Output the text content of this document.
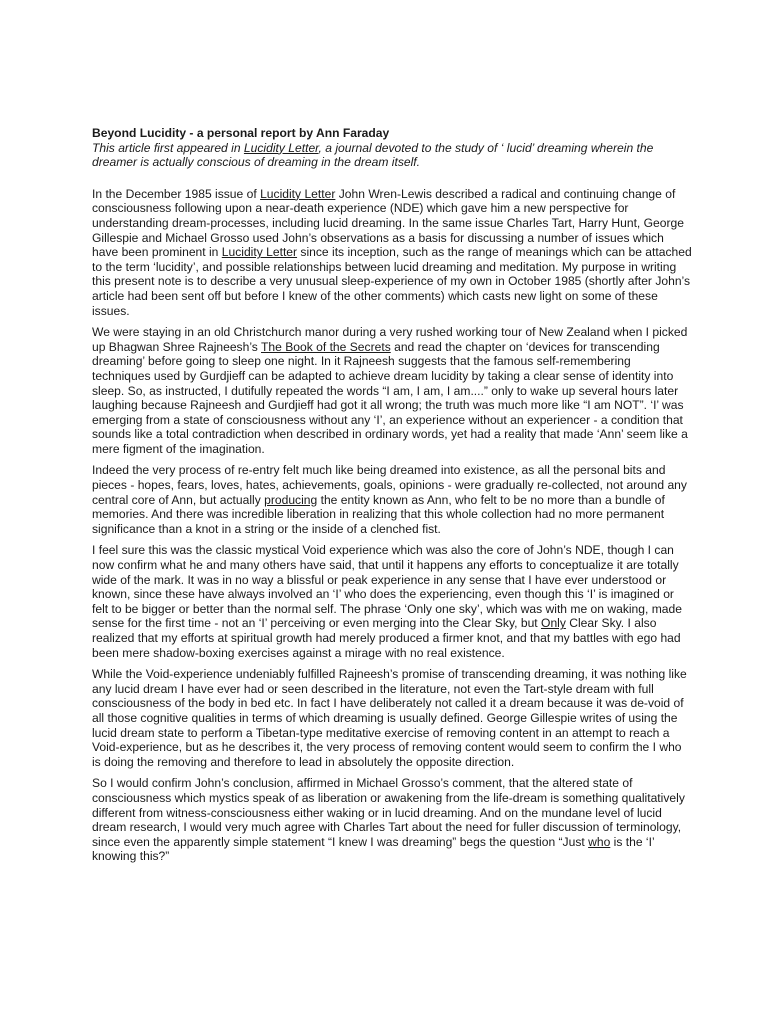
Beyond Lucidity - a personal report by Ann Faraday
This article first appeared in Lucidity Letter, a journal devoted to the study of ‘ lucid’ dreaming wherein the dreamer is actually conscious of dreaming in the dream itself.

In the December 1985 issue of Lucidity Letter John Wren-Lewis described a radical and continuing change of consciousness following upon a near-death experience (NDE) which gave him a new perspective for understanding dream-processes, including lucid dreaming. In the same issue Charles Tart, Harry Hunt, George Gillespie and Michael Grosso used John’s observations as a basis for discussing a number of issues which have been prominent in Lucidity Letter since its inception, such as the range of meanings which can be attached to the term ‘lucidity’, and possible relationships between lucid dreaming and meditation. My purpose in writing this present note is to describe a very unusual sleep-experience of my own in October 1985 (shortly after John’s article had been sent off but before I knew of the other comments) which casts new light on some of these issues.

We were staying in an old Christchurch manor during a very rushed working tour of New Zealand when I picked up Bhagwan Shree Rajneesh’s The Book of the Secrets and read the chapter on ‘devices for transcending dreaming’ before going to sleep one night. In it Rajneesh suggests that the famous self-remembering techniques used by Gurdjieff can be adapted to achieve dream lucidity by taking a clear sense of identity into sleep. So, as instructed, I dutifully repeated the words “I am, I am, I am....” only to wake up several hours later laughing because Rajneesh and Gurdjieff had got it all wrong; the truth was much more like “I am NOT”. ‘I’ was emerging from a state of consciousness without any ‘I’, an experience without an experiencer - a condition that sounds like a total contradiction when described in ordinary words, yet had a reality that made ‘Ann’ seem like a mere figment of the imagination.

Indeed the very process of re-entry felt much like being dreamed into existence, as all the personal bits and pieces - hopes, fears, loves, hates, achievements, goals, opinions - were gradually re-collected, not around any central core of Ann, but actually producing the entity known as Ann, who felt to be no more than a bundle of memories. And there was incredible liberation in realizing that this whole collection had no more permanent significance than a knot in a string or the inside of a clenched fist.

I feel sure this was the classic mystical Void experience which was also the core of John’s NDE, though I can now confirm what he and many others have said, that until it happens any efforts to conceptualize it are totally wide of the mark. It was in no way a blissful or peak experience in any sense that I have ever understood or known, since these have always involved an ‘I’ who does the experiencing, even though this ‘I’ is imagined or felt to be bigger or better than the normal self. The phrase ‘Only one sky’, which was with me on waking, made sense for the first time - not an ‘I’ perceiving or even merging into the Clear Sky, but Only Clear Sky. I also realized that my efforts at spiritual growth had merely produced a firmer knot, and that my battles with ego had been mere shadow-boxing exercises against a mirage with no real existence.

While the Void-experience undeniably fulfilled Rajneesh’s promise of transcending dreaming, it was nothing like any lucid dream I have ever had or seen described in the literature, not even the Tart-style dream with full consciousness of the body in bed etc. In fact I have deliberately not called it a dream because it was de-void of all those cognitive qualities in terms of which dreaming is usually defined. George Gillespie writes of using the lucid dream state to perform a Tibetan-type meditative exercise of removing content in an attempt to reach a Void-experience, but as he describes it, the very process of removing content would seem to confirm the I who is doing the removing and therefore to lead in absolutely the opposite direction.

So I would confirm John’s conclusion, affirmed in Michael Grosso’s comment, that the altered state of consciousness which mystics speak of as liberation or awakening from the life-dream is something qualitatively different from witness-consciousness either waking or in lucid dreaming. And on the mundane level of lucid dream research, I would very much agree with Charles Tart about the need for fuller discussion of terminology, since even the apparently simple statement “I knew I was dreaming” begs the question “Just who is the ‘I’ knowing this?”
